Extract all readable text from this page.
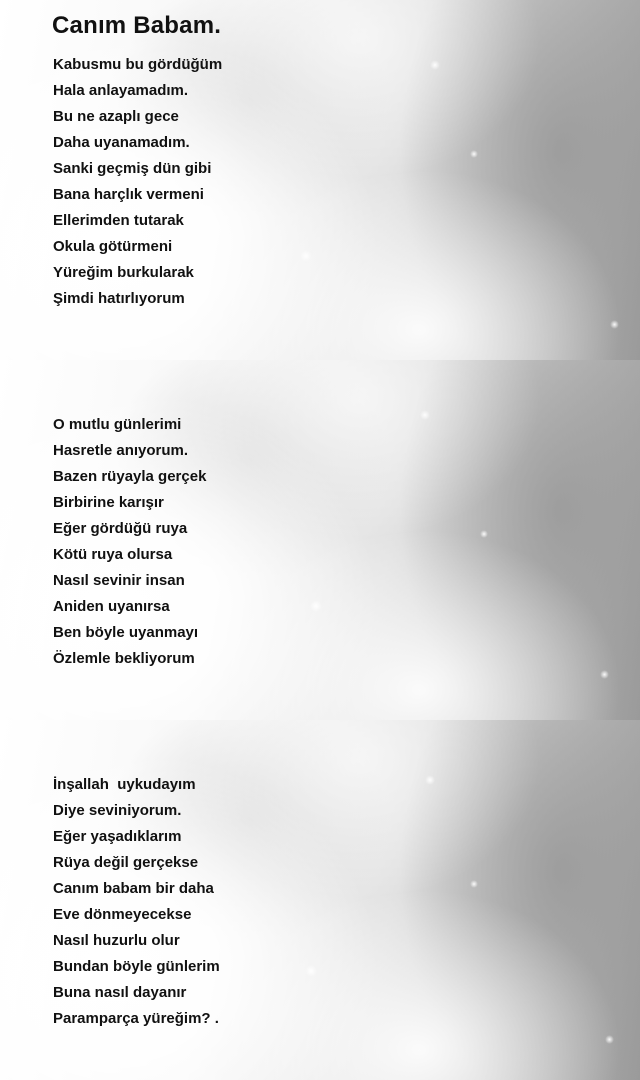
Canım Babam.
Kabusmu bu gördüğüm
Hala anlayamadım.
Bu ne azaplı gece
Daha uyanamadım.
Sanki geçmiş dün gibi
Bana harçlık vermeni
Ellerimden tutarak
Okula götürmeni
Yüreğim burkularak
Şimdi hatırlıyorum
O mutlu günlerimi
Hasretle anıyorum.
Bazen rüyayla gerçek
Birbirine karışır
Eğer gördüğü ruya
Kötü ruya olursa
Nasıl sevinir insan
Aniden uyanırsa
Ben böyle uyanmayı
Özlemle bekliyorum
İnşallah  uykudayım
Diye seviniyorum.
Eğer yaşadıklarım
Rüya değil gerçekse
Canım babam bir daha
Eve dönmeyecekse
Nasıl huzurlu olur
Bundan böyle günlerim
Buna nasıl dayanır
Paramparça yüreğim? .
